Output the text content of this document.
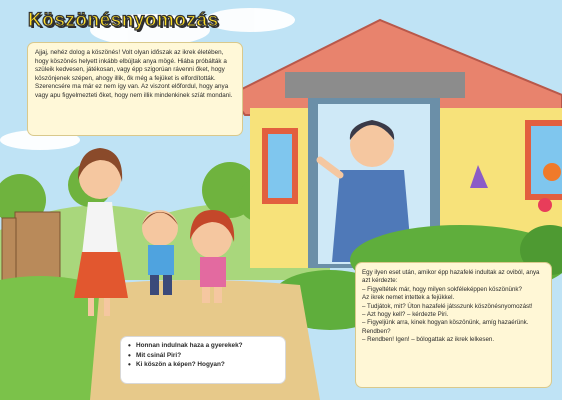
Köszönésnyomozás
Ajjaj, nehéz dolog a köszönés! Volt olyan időszak az ikrek életében, hogy köszönés helyett inkább elbújtak anya mögé. Hiába próbálták a szüleik kedvesen, játékosan, vagy épp szigorúan rávenni őket, hogy köszönjenek szépen, ahogy illik, ők még a fejüket is elfordították. Szerencsére ma már ez nem így van. Az viszont előfordul, hogy anya vagy apu figyelmezteti őket, hogy nem illik mindenkinek szíát mondani.
• Honnan indulnak haza a gyerekek?
• Mit csinál Piri?
• Ki köszön a képen? Hogyan?

Egy ilyen eset után, amikor épp hazafelé indultak az oviból, anya azt kérdezte:

– Figyeltétek már, hogy milyen sokféleképpen köszönünk?

Az ikrek nemet intettek a fejükkel.

– Tudjátok, mit? Úton hazafelé játsszunk köszönésnyomozást!

– Azt hogy kell? – kérdezte Piri.

– Figyeljünk arra, kinek hogyan köszönünk, amíg hazaérünk. Rendben?

– Rendben! Igen! – bólogattak az ikrek lelkesen.
